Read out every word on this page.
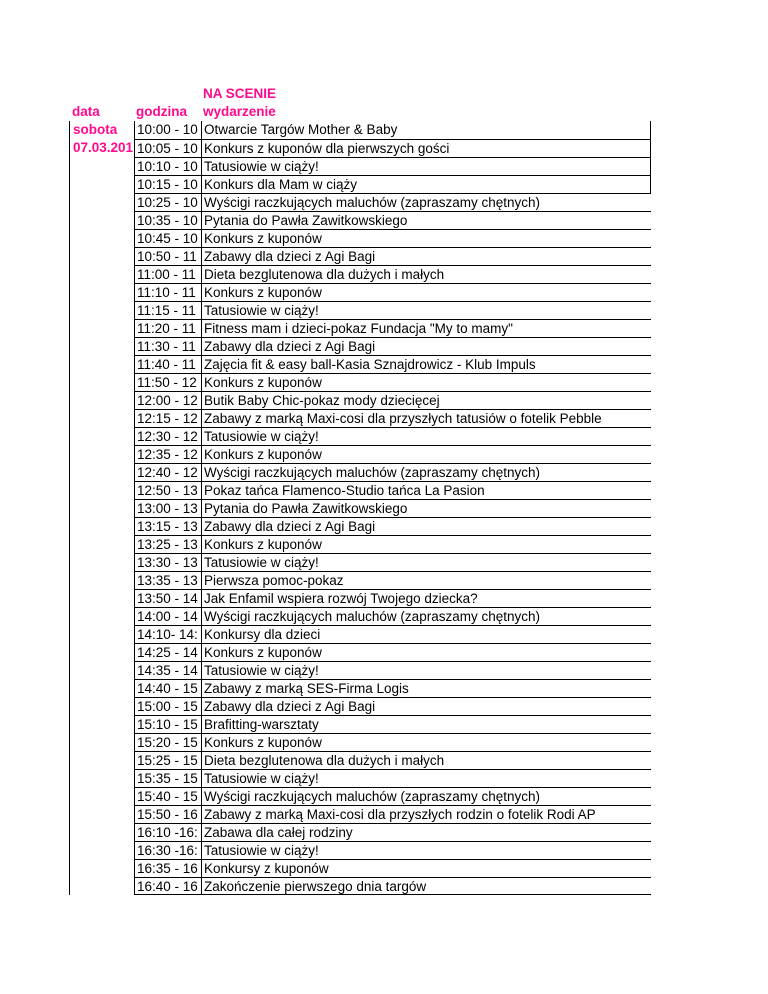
NA SCENIE
data	godzina	wydarzenie
sobota	10:00 - 10 Otwarcie Targów Mother & Baby
07.03.201 10:05 - 10 Konkurs z kuponów dla pierwszych gości
10:10 - 10 Tatusiowie w ciąży!
10:15 - 10 Konkurs dla Mam w ciąży
10:25 - 10 Wyścigi raczkujących maluchów (zapraszamy chętnych)
10:35 - 10 Pytania do Pawła Zawitkowskiego
10:45 - 10 Konkurs z kuponów
10:50 - 11 Zabawy dla dzieci z Agi Bagi
11:00 - 11 Dieta bezglutenowa dla dużych i małych
11:10 - 11 Konkurs z kuponów
11:15 - 11 Tatusiowie w ciąży!
11:20 - 11 Fitness mam i dzieci-pokaz Fundacja "My to mamy"
11:30 - 11 Zabawy dla dzieci z Agi Bagi
11:40 - 11 Zajęcia fit & easy ball-Kasia Sznajdrowicz - Klub Impuls
11:50 - 12 Konkurs z kuponów
12:00 - 12 Butik Baby Chic-pokaz mody dziecięcej
12:15 - 12 Zabawy z marką Maxi-cosi dla przyszłych tatusiów o fotelik Pebble
12:30 - 12 Tatusiowie w ciąży!
12:35 - 12 Konkurs z kuponów
12:40 - 12 Wyścigi raczkujących maluchów (zapraszamy chętnych)
12:50 - 13 Pokaz tańca Flamenco-Studio tańca La Pasion
13:00 - 13 Pytania do Pawła Zawitkowskiego
13:15 - 13 Zabawy dla dzieci z Agi Bagi
13:25 - 13 Konkurs z kuponów
13:30 - 13 Tatusiowie w ciąży!
13:35 - 13 Pierwsza pomoc-pokaz
13:50 - 14 Jak Enfamil wspiera rozwój Twojego dziecka?
14:00 - 14 Wyścigi raczkujących maluchów (zapraszamy chętnych)
14:10- 14: Konkursy dla dzieci
14:25 - 14 Konkurs z kuponów
14:35 - 14 Tatusiowie w ciąży!
14:40 - 15 Zabawy z marką SES-Firma Logis
15:00 - 15 Zabawy dla dzieci z Agi Bagi
15:10 - 15 Brafitting-warsztaty
15:20 - 15 Konkurs z kuponów
15:25 - 15 Dieta bezglutenowa dla dużych i małych
15:35 - 15 Tatusiowie w ciąży!
15:40 - 15 Wyścigi raczkujących maluchów (zapraszamy chętnych)
15:50 - 16 Zabawy z marką Maxi-cosi dla przyszłych rodzin o fotelik Rodi AP
16:10 -16: Zabawa dla całej rodziny
16:30 -16: Tatusiowie w ciąży!
16:35 - 16 Konkursy z kuponów
16:40 - 16 Zakończenie pierwszego dnia targów
